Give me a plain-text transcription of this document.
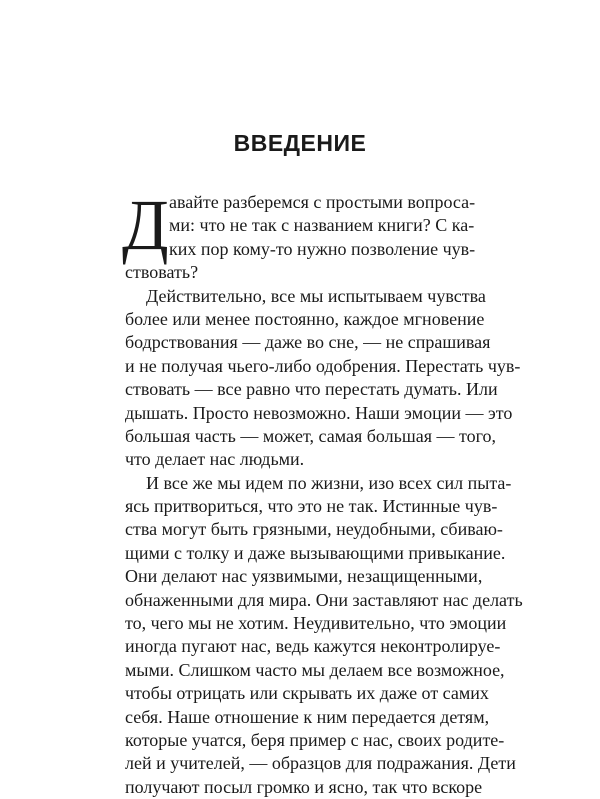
ВВЕДЕНИЕ
Д авайте разберемся с простыми вопроса-
ми: что не так с названием книги? С ка-
ких пор кому-то нужно позволение чув-
ствовать?
Действительно, все мы испытываем чувства
более или менее постоянно, каждое мгновение
бодрствования — даже во сне, — не спрашивая
и не получая чьего-либо одобрения. Перестать чув-
ствовать — все равно что перестать думать. Или
дышать. Просто невозможно. Наши эмоции — это
большая часть — может, самая большая — того,
что делает нас людьми.
И все же мы идем по жизни, изо всех сил пыта-
ясь притвориться, что это не так. Истинные чув-
ства могут быть грязными, неудобными, сбиваю-
щими с толку и даже вызывающими привыкание.
Они делают нас уязвимыми, незащищенными,
обнаженными для мира. Они заставляют нас делать
то, чего мы не хотим. Неудивительно, что эмоции
иногда пугают нас, ведь кажутся неконтролируе-
мыми. Слишком часто мы делаем все возможное,
чтобы отрицать или скрывать их даже от самих
себя. Наше отношение к ним передается детям,
которые учатся, беря пример с нас, своих родите-
лей и учителей, — образцов для подражания. Дети
получают посыл громко и ясно, так что вскоре
